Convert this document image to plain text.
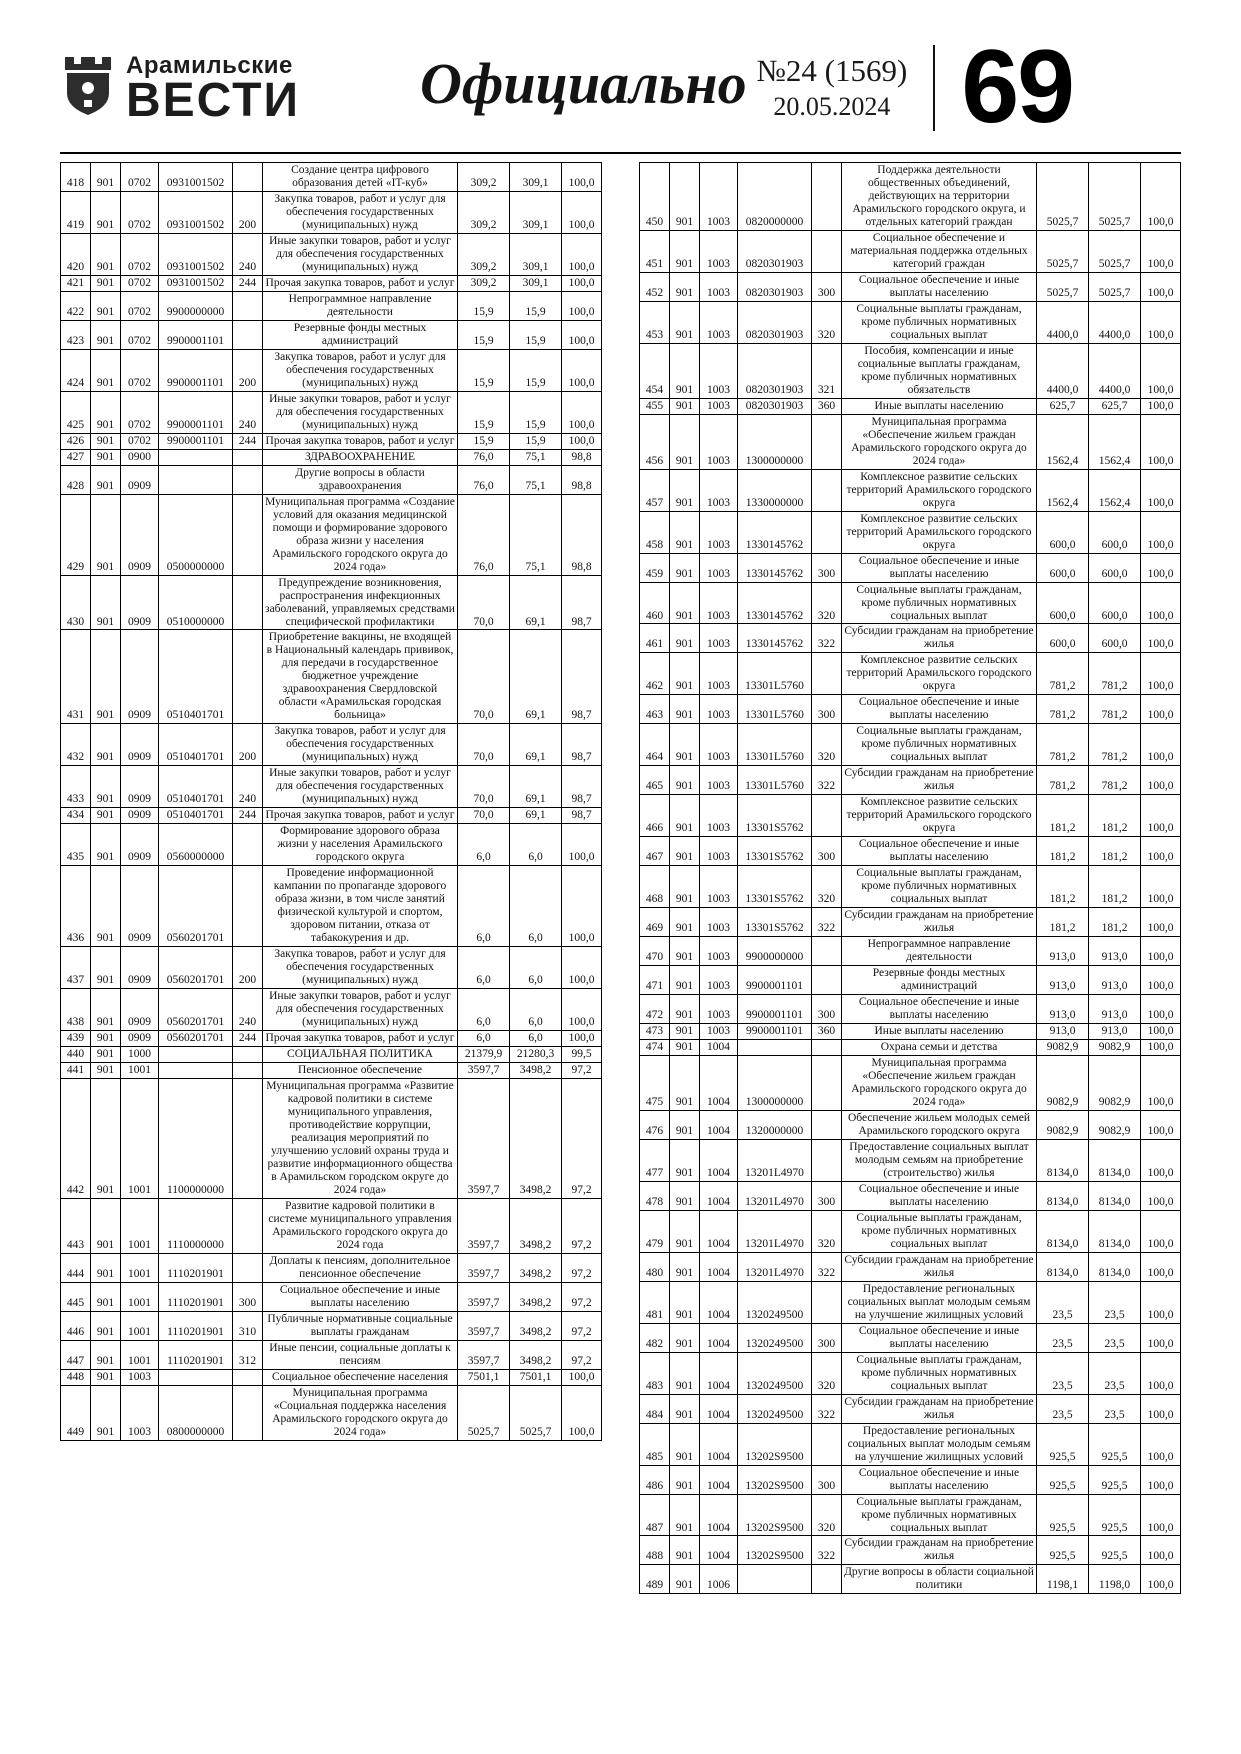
Арамильские
ВЕСТИ Официально №24 (1569)
20.05.2024 69
418	901	0702	0931001502		Создание центра цифрового образования детей «IT-куб»	309,2	309,1	100,0
419	901	0702	0931001502	200	Закупка товаров, работ и услуг для обеспечения государственных (муниципальных) нужд	309,2	309,1	100,0
420	901	0702	0931001502	240	Иные закупки товаров, работ и услуг для обеспечения государственных (муниципальных) нужд	309,2	309,1	100,0
421	901	0702	0931001502	244	Прочая закупка товаров, работ и услуг	309,2	309,1	100,0
422	901	0702	9900000000		Непрограммное направление деятельности	15,9	15,9	100,0
423	901	0702	9900001101		Резервные фонды местных администраций	15,9	15,9	100,0
424	901	0702	9900001101	200	Закупка товаров, работ и услуг для обеспечения государственных (муниципальных) нужд	15,9	15,9	100,0
425	901	0702	9900001101	240	Иные закупки товаров, работ и услуг для обеспечения государственных (муниципальных) нужд	15,9	15,9	100,0
426	901	0702	9900001101	244	Прочая закупка товаров, работ и услуг	15,9	15,9	100,0
427	901	0900			ЗДРАВООХРАНЕНИЕ	76,0	75,1	98,8
428	901	0909			Другие вопросы в области здравоохранения	76,0	75,1	98,8
429	901	0909	0500000000		Муниципальная программа «Создание условий для оказания медицинской помощи и формирование здорового образа жизни у населения Арамильского городского округа до 2024 года»	76,0	75,1	98,8
430	901	0909	0510000000		Предупреждение возникновения, распространения инфекционных заболеваний, управляемых средствами специфической профилактики	70,0	69,1	98,7
431	901	0909	0510401701		Приобретение вакцины, не входящей в Национальный календарь прививок, для передачи в государственное бюджетное учреждение здравоохранения Свердловской области «Арамильская городская больница»	70,0	69,1	98,7
432	901	0909	0510401701	200	Закупка товаров, работ и услуг для обеспечения государственных (муниципальных) нужд	70,0	69,1	98,7
433	901	0909	0510401701	240	Иные закупки товаров, работ и услуг для обеспечения государственных (муниципальных) нужд	70,0	69,1	98,7
434	901	0909	0510401701	244	Прочая закупка товаров, работ и услуг	70,0	69,1	98,7
435	901	0909	0560000000		Формирование здорового образа жизни у населения Арамильского городского округа	6,0	6,0	100,0
436	901	0909	0560201701		Проведение информационной кампании по пропаганде здорового образа жизни, в том числе занятий физической культурой и спортом, здоровом питании, отказа от табакокурения и др.	6,0	6,0	100,0
437	901	0909	0560201701	200	Закупка товаров, работ и услуг для обеспечения государственных (муниципальных) нужд	6,0	6,0	100,0
438	901	0909	0560201701	240	Иные закупки товаров, работ и услуг для обеспечения государственных (муниципальных) нужд	6,0	6,0	100,0
439	901	0909	0560201701	244	Прочая закупка товаров, работ и услуг	6,0	6,0	100,0
440	901	1000			СОЦИАЛЬНАЯ ПОЛИТИКА	21379,9	21280,3	99,5
441	901	1001			Пенсионное обеспечение	3597,7	3498,2	97,2
442	901	1001	1100000000		Муниципальная программа «Развитие кадровой политики в системе муниципального управления, противодействие коррупции, реализация мероприятий по улучшению условий охраны труда и развитие информационного общества в Арамильском городском округе до 2024 года»	3597,7	3498,2	97,2
443	901	1001	1110000000		Развитие кадровой политики в системе муниципального управления Арамильского городского округа до 2024 года	3597,7	3498,2	97,2
444	901	1001	1110201901		Доплаты к пенсиям, дополнительное пенсионное обеспечение	3597,7	3498,2	97,2
445	901	1001	1110201901	300	Социальное обеспечение и иные выплаты населению	3597,7	3498,2	97,2
446	901	1001	1110201901	310	Публичные нормативные социальные выплаты гражданам	3597,7	3498,2	97,2
447	901	1001	1110201901	312	Иные пенсии, социальные доплаты к пенсиям	3597,7	3498,2	97,2
448	901	1003			Социальное обеспечение населения	7501,1	7501,1	100,0
449	901	1003	0800000000		Муниципальная программа «Социальная поддержка населения Арамильского городского округа до 2024 года»	5025,7	5025,7	100,0
450	901	1003	0820000000		Поддержка деятельности общественных объединений, действующих на территории Арамильского городского округа, и отдельных категорий граждан	5025,7	5025,7	100,0
451	901	1003	0820301903		Социальное обеспечение и материальная поддержка отдельных категорий граждан	5025,7	5025,7	100,0
452	901	1003	0820301903	300	Социальное обеспечение и иные выплаты населению	5025,7	5025,7	100,0
453	901	1003	0820301903	320	Социальные выплаты гражданам, кроме публичных нормативных социальных выплат	4400,0	4400,0	100,0
454	901	1003	0820301903	321	Пособия, компенсации и иные социальные выплаты гражданам, кроме публичных нормативных обязательств	4400,0	4400,0	100,0
455	901	1003	0820301903	360	Иные выплаты населению	625,7	625,7	100,0
456	901	1003	1300000000		Муниципальная программа «Обеспечение жильем граждан Арамильского городского округа до 2024 года»	1562,4	1562,4	100,0
457	901	1003	1330000000		Комплексное развитие сельских территорий Арамильского городского округа	1562,4	1562,4	100,0
458	901	1003	1330145762		Комплексное развитие сельских территорий Арамильского городского округа	600,0	600,0	100,0
459	901	1003	1330145762	300	Социальное обеспечение и иные выплаты населению	600,0	600,0	100,0
460	901	1003	1330145762	320	Социальные выплаты гражданам, кроме публичных нормативных социальных выплат	600,0	600,0	100,0
461	901	1003	1330145762	322	Субсидии гражданам на приобретение жилья	600,0	600,0	100,0
462	901	1003	13301L5760		Комплексное развитие сельских территорий Арамильского городского округа	781,2	781,2	100,0
463	901	1003	13301L5760	300	Социальное обеспечение и иные выплаты населению	781,2	781,2	100,0
464	901	1003	13301L5760	320	Социальные выплаты гражданам, кроме публичных нормативных социальных выплат	781,2	781,2	100,0
465	901	1003	13301L5760	322	Субсидии гражданам на приобретение жилья	781,2	781,2	100,0
466	901	1003	13301S5762		Комплексное развитие сельских территорий Арамильского городского округа	181,2	181,2	100,0
467	901	1003	13301S5762	300	Социальное обеспечение и иные выплаты населению	181,2	181,2	100,0
468	901	1003	13301S5762	320	Социальные выплаты гражданам, кроме публичных нормативных социальных выплат	181,2	181,2	100,0
469	901	1003	13301S5762	322	Субсидии гражданам на приобретение жилья	181,2	181,2	100,0
470	901	1003	9900000000		Непрограммное направление деятельности	913,0	913,0	100,0
471	901	1003	9900001101		Резервные фонды местных администраций	913,0	913,0	100,0
472	901	1003	9900001101	300	Социальное обеспечение и иные выплаты населению	913,0	913,0	100,0
473	901	1003	9900001101	360	Иные выплаты населению	913,0	913,0	100,0
474	901	1004			Охрана семьи и детства	9082,9	9082,9	100,0
475	901	1004	1300000000		Муниципальная программа «Обеспечение жильем граждан Арамильского городского округа до 2024 года»	9082,9	9082,9	100,0
476	901	1004	1320000000		Обеспечение жильем молодых семей Арамильского городского округа	9082,9	9082,9	100,0
477	901	1004	13201L4970		Предоставление социальных выплат молодым семьям на приобретение (строительство) жилья	8134,0	8134,0	100,0
478	901	1004	13201L4970	300	Социальное обеспечение и иные выплаты населению	8134,0	8134,0	100,0
479	901	1004	13201L4970	320	Социальные выплаты гражданам, кроме публичных нормативных социальных выплат	8134,0	8134,0	100,0
480	901	1004	13201L4970	322	Субсидии гражданам на приобретение жилья	8134,0	8134,0	100,0
481	901	1004	1320249500		Предоставление региональных социальных выплат молодым семьям на улучшение жилищных условий	23,5	23,5	100,0
482	901	1004	1320249500	300	Социальное обеспечение и иные выплаты населению	23,5	23,5	100,0
483	901	1004	1320249500	320	Социальные выплаты гражданам, кроме публичных нормативных социальных выплат	23,5	23,5	100,0
484	901	1004	1320249500	322	Субсидии гражданам на приобретение жилья	23,5	23,5	100,0
485	901	1004	13202S9500		Предоставление региональных социальных выплат молодым семьям на улучшение жилищных условий	925,5	925,5	100,0
486	901	1004	13202S9500	300	Социальное обеспечение и иные выплаты населению	925,5	925,5	100,0
487	901	1004	13202S9500	320	Социальные выплаты гражданам, кроме публичных нормативных социальных выплат	925,5	925,5	100,0
488	901	1004	13202S9500	322	Субсидии гражданам на приобретение жилья	925,5	925,5	100,0
489	901	1006			Другие вопросы в области социальной политики	1198,1	1198,0	100,0
